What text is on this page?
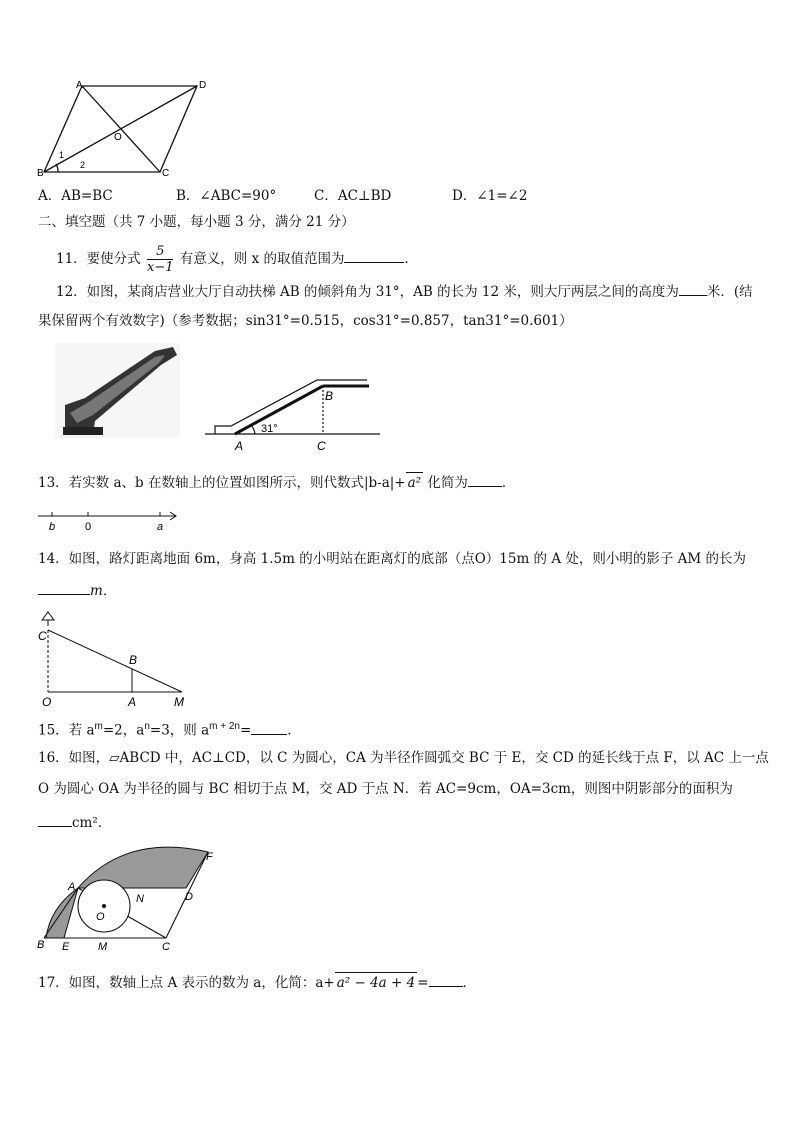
A	D
B	C
O
1
2
A．AB=BC	B．∠ABC=90°	C．AC⊥BD	D．∠1=∠2
二、填空题（共 7 小题，每小题 3 分，满分 21 分）
11．要使分式 $\frac{5}{x-1}$ 有意义，则 x 的取值范围为	．
12．如图，某商店营业大厅自动扶梯 AB 的倾斜角为 31°，AB 的长为 12 米，则大厅两层之间的高度为 米．(结
果保留两个有效数字)（参考数据；sin31°=0.515，cos31°=0.857，tan31°=0.601）
A
B
C
31°
13．若实数 a、b 在数轴上的位置如图所示，则代数式|b-a|+ a² 化简为	．
b	0	a
14．如图，路灯距离地面 6m，身高 1.5m 的小明站在距离灯的底部（点O）15m 的 A 处，则小明的影子 AM 的长为
m．
C
B
O	A	M
15．若 $a^m=2$，$a^n=3$，则 $a^{m + 2n}=$	．
16．如图，▱ABCD 中，AC⊥CD，以 C 为圆心，CA 为半径作圆弧交 BC 于 E，交 CD 的延长线于点 F，以 AC 上一点
O 为圆心 OA 为半径的圆与 BC 相切于点 M，交 AD 于点 N．若 AC=9cm，OA=3cm，则图中阴影部分的面积为
cm²．
A
B	C
D
E
F
M
N
O
17．如图，数轴上点 A 表示的数为 a，化简：a+ a² − 4a + 4 =	．
